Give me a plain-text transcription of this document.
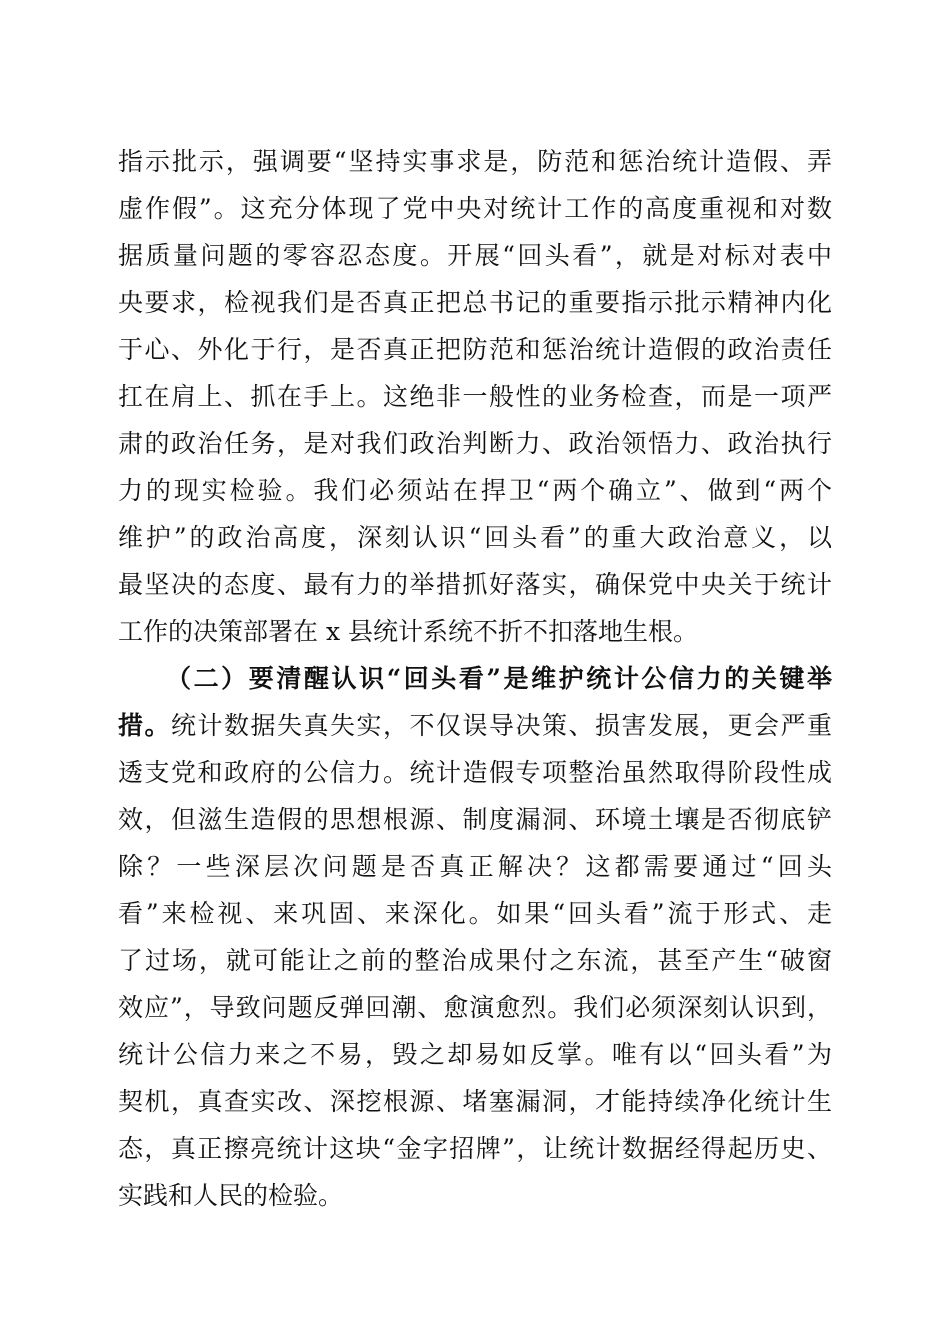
指示批示，强调要“坚持实事求是，防范和惩治统计造假、弄
虚作假”。这充分体现了党中央对统计工作的高度重视和对数
据质量问题的零容忍态度。开展“回头看”，就是对标对表中
央要求，检视我们是否真正把总书记的重要指示批示精神内化
于心、外化于行，是否真正把防范和惩治统计造假的政治责任
扛在肩上、抓在手上。这绝非一般性的业务检查，而是一项严
肃的政治任务，是对我们政治判断力、政治领悟力、政治执行
力的现实检验。我们必须站在捍卫“两个确立”、做到“两个
维护”的政治高度，深刻认识“回头看”的重大政治意义，以
最坚决的态度、最有力的举措抓好落实，确保党中央关于统计
工作的决策部署在 x 县统计系统不折不扣落地生根。
（二）要清醒认识“回头看”是维护统计公信力的关键举
措。统计数据失真失实，不仅误导决策、损害发展，更会严重
透支党和政府的公信力。统计造假专项整治虽然取得阶段性成
效，但滋生造假的思想根源、制度漏洞、环境土壤是否彻底铲
除？一些深层次问题是否真正解决？这都需要通过“回头
看”来检视、来巩固、来深化。如果“回头看”流于形式、走
了过场，就可能让之前的整治成果付之东流，甚至产生“破窗
效应”，导致问题反弹回潮、愈演愈烈。我们必须深刻认识到，
统计公信力来之不易，毁之却易如反掌。唯有以“回头看”为
契机，真查实改、深挖根源、堵塞漏洞，才能持续净化统计生
态，真正擦亮统计这块“金字招牌”，让统计数据经得起历史、
实践和人民的检验。
